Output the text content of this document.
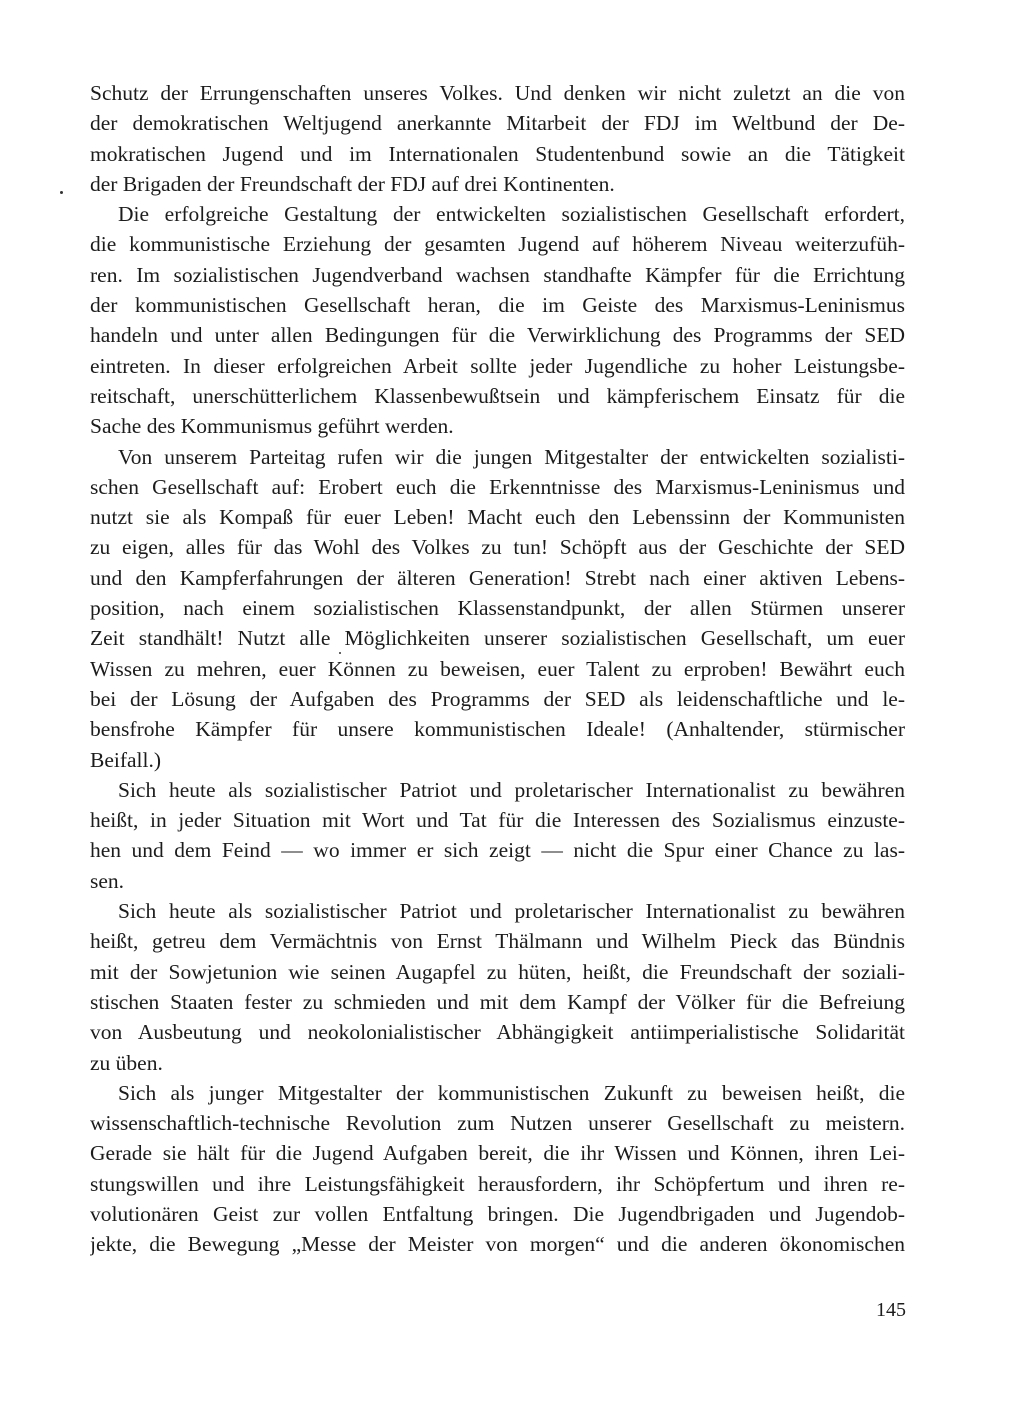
Schutz der Errungenschaften unseres Volkes. Und denken wir nicht zuletzt an die von
der demokratischen Weltjugend anerkannte Mitarbeit der FDJ im Weltbund der De-
mokratischen Jugend und im Internationalen Studentenbund sowie an die Tätigkeit
der Brigaden der Freundschaft der FDJ auf drei Kontinenten.
Die erfolgreiche Gestaltung der entwickelten sozialistischen Gesellschaft erfordert,
die kommunistische Erziehung der gesamten Jugend auf höherem Niveau weiterzufüh-
ren. Im sozialistischen Jugendverband wachsen standhafte Kämpfer für die Errichtung
der kommunistischen Gesellschaft heran, die im Geiste des Marxismus-Leninismus
handeln und unter allen Bedingungen für die Verwirklichung des Programms der SED
eintreten. In dieser erfolgreichen Arbeit sollte jeder Jugendliche zu hoher Leistungsbe-
reitschaft, unerschütterlichem Klassenbewußtsein und kämpferischem Einsatz für die
Sache des Kommunismus geführt werden.
Von unserem Parteitag rufen wir die jungen Mitgestalter der entwickelten sozialisti-
schen Gesellschaft auf: Erobert euch die Erkenntnisse des Marxismus-Leninismus und
nutzt sie als Kompaß für euer Leben! Macht euch den Lebenssinn der Kommunisten
zu eigen, alles für das Wohl des Volkes zu tun! Schöpft aus der Geschichte der SED
und den Kampferfahrungen der älteren Generation! Strebt nach einer aktiven Lebens-
position, nach einem sozialistischen Klassenstandpunkt, der allen Stürmen unserer
Zeit standhält! Nutzt alle Möglichkeiten unserer sozialistischen Gesellschaft, um euer
Wissen zu mehren, euer Können zu beweisen, euer Talent zu erproben! Bewährt euch
bei der Lösung der Aufgaben des Programms der SED als leidenschaftliche und le-
bensfrohe Kämpfer für unsere kommunistischen Ideale! (Anhaltender, stürmischer
Beifall.)
Sich heute als sozialistischer Patriot und proletarischer Internationalist zu bewähren
heißt, in jeder Situation mit Wort und Tat für die Interessen des Sozialismus einzuste-
hen und dem Feind — wo immer er sich zeigt — nicht die Spur einer Chance zu las-
sen.
Sich heute als sozialistischer Patriot und proletarischer Internationalist zu bewähren
heißt, getreu dem Vermächtnis von Ernst Thälmann und Wilhelm Pieck das Bündnis
mit der Sowjetunion wie seinen Augapfel zu hüten, heißt, die Freundschaft der soziali-
stischen Staaten fester zu schmieden und mit dem Kampf der Völker für die Befreiung
von Ausbeutung und neokolonialistischer Abhängigkeit antiimperialistische Solidarität
zu üben.
Sich als junger Mitgestalter der kommunistischen Zukunft zu beweisen heißt, die
wissenschaftlich-technische Revolution zum Nutzen unserer Gesellschaft zu meistern.
Gerade sie hält für die Jugend Aufgaben bereit, die ihr Wissen und Können, ihren Lei-
stungswillen und ihre Leistungsfähigkeit herausfordern, ihr Schöpfertum und ihren re-
volutionären Geist zur vollen Entfaltung bringen. Die Jugendbrigaden und Jugendob-
jekte, die Bewegung „Messe der Meister von morgen“ und die anderen ökonomischen
145
